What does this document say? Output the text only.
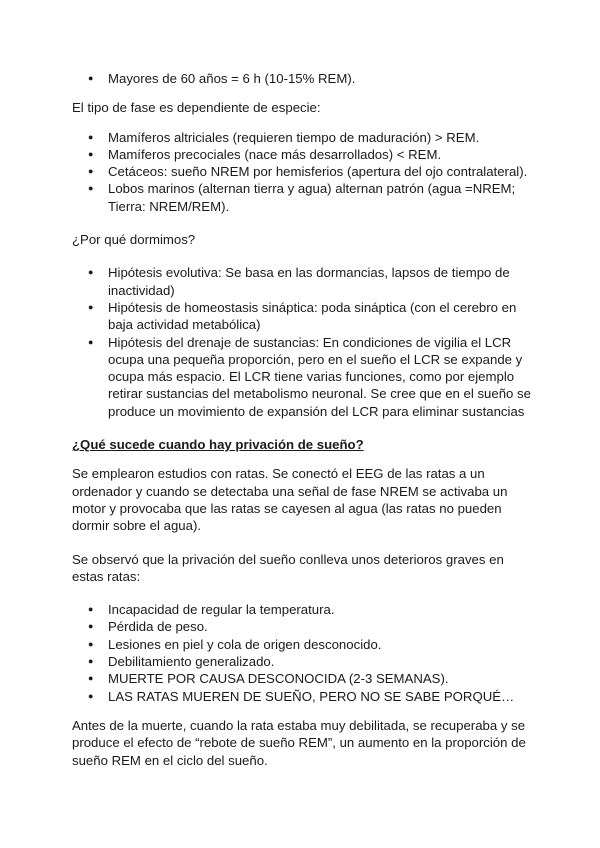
● Mayores de 60 años = 6 h (10-15% REM).

El tipo de fase es dependiente de especie:

● Mamíferos altriciales (requieren tiempo de maduración) > REM.
● Mamíferos precociales (nace más desarrollados) < REM.
● Cetáceos: sueño NREM por hemisferios (apertura del ojo contralateral).
● Lobos marinos (alternan tierra y agua) alternan patrón (agua =NREM; Tierra: NREM/REM).

¿Por qué dormimos?

● Hipótesis evolutiva: Se basa en las dormancias, lapsos de tiempo de inactividad)
● Hipótesis de homeostasis sináptica: poda sináptica (con el cerebro en baja actividad metabólica)
● Hipótesis del drenaje de sustancias: En condiciones de vigilia el LCR ocupa una pequeña proporción, pero en el sueño el LCR se expande y ocupa más espacio. El LCR tiene varias funciones, como por ejemplo retirar sustancias del metabolismo neuronal. Se cree que en el sueño se produce un movimiento de expansión del LCR para eliminar sustancias

¿Qué sucede cuando hay privación de sueño?

Se emplearon estudios con ratas. Se conectó el EEG de las ratas a un ordenador y cuando se detectaba una señal de fase NREM se activaba un motor y provocaba que las ratas se cayesen al agua (las ratas no pueden dormir sobre el agua).

Se observó que la privación del sueño conlleva unos deterioros graves en estas ratas:

● Incapacidad de regular la temperatura.
● Pérdida de peso.
● Lesiones en piel y cola de origen desconocido.
● Debilitamiento generalizado.
● MUERTE POR CAUSA DESCONOCIDA (2-3 SEMANAS).
● LAS RATAS MUEREN DE SUEÑO, PERO NO SE SABE PORQUÉ…

Antes de la muerte, cuando la rata estaba muy debilitada, se recuperaba y se produce el efecto de “rebote de sueño REM”, un aumento en la proporción de sueño REM en el ciclo del sueño.
